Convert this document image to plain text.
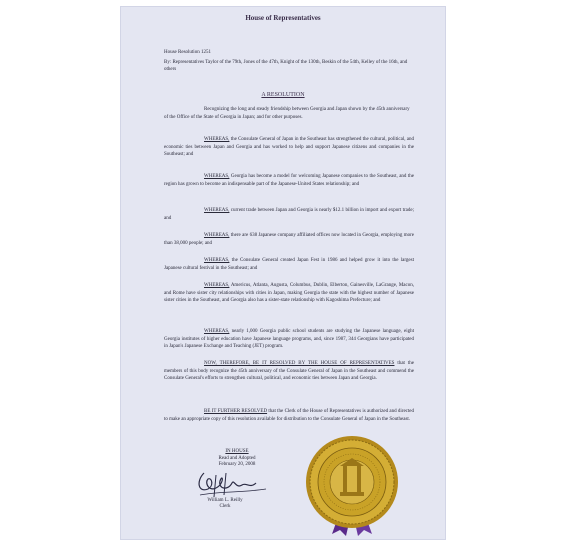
House of Representatives
House Resolution 1251
By: Representatives Taylor of the 79th, Jones of the 47th, Knight of the 130th, Beskin of the 54th, Kelley of the 16th, and others
A RESOLUTION
Recognizing the long and steady friendship between Georgia and Japan shown by the 45th anniversary of the Office of the State of Georgia in Japan; and for other purposes.
WHEREAS, the Consulate General of Japan in the Southeast has strengthened the cultural, political, and economic ties between Japan and Georgia and has worked to help and support Japanese citizens and companies in the Southeast; and
WHEREAS, Georgia has become a model for welcoming Japanese companies to the Southeast, and the region has grown to become an indispensable part of the Japanese-United States relationship; and
WHEREAS, current trade between Japan and Georgia is nearly $12.1 billion in import and export trade; and
WHEREAS, there are 638 Japanese company affiliated offices now located in Georgia, employing more than 38,000 people; and
WHEREAS, the Consulate General created Japan Fest in 1986 and helped grow it into the largest Japanese cultural festival in the Southeast; and
WHEREAS, Americus, Atlanta, Augusta, Columbus, Dublin, Elberton, Gainesville, LaGrange, Macon, and Rome have sister city relationships with cities in Japan, making Georgia the state with the highest number of Japanese sister cities in the Southeast, and Georgia also has a sister-state relationship with Kagoshima Prefecture; and
WHEREAS, nearly 1,000 Georgia public school students are studying the Japanese language, eight Georgia institutes of higher education have Japanese language programs, and, since 1987, 344 Georgians have participated in Japan's Japanese Exchange and Teaching (JET) program.
NOW, THEREFORE, BE IT RESOLVED BY THE HOUSE OF REPRESENTATIVES that the members of this body recognize the 45th anniversary of the Consulate General of Japan in the Southeast and commend the Consulate General's efforts to strengthen cultural, political, and economic ties between Japan and Georgia.
BE IT FURTHER RESOLVED that the Clerk of the House of Representatives is authorized and directed to make an appropriate copy of this resolution available for distribution to the Consulate General of Japan in the Southeast.
IN HOUSE
Read and Adopted
February 20, 2008
William L. Reilly
Clerk
